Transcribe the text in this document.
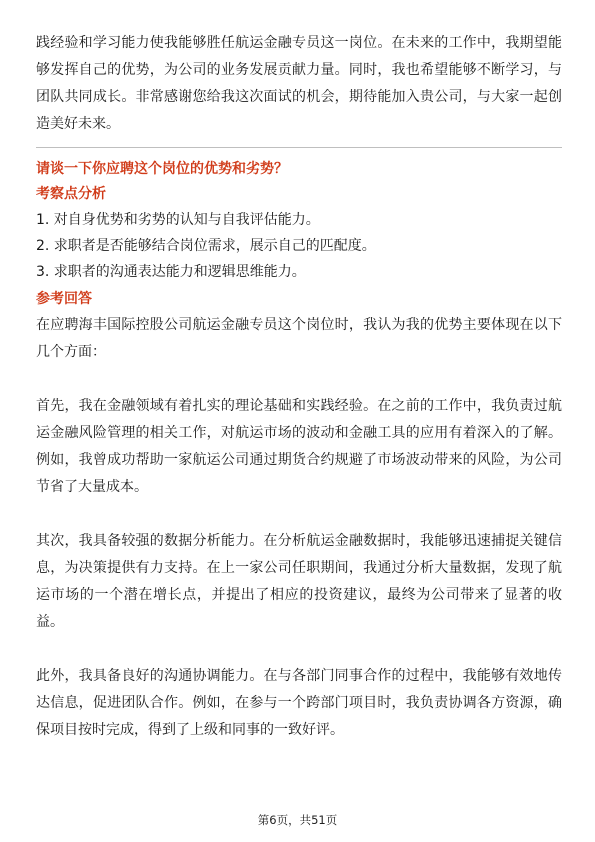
践经验和学习能力使我能够胜任航运金融专员这一岗位。在未来的工作中，我期望能够发挥自己的优势，为公司的业务发展贡献力量。同时，我也希望能够不断学习，与团队共同成长。非常感谢您给我这次面试的机会，期待能加入贵公司，与大家一起创造美好未来。

请谈一下你应聘这个岗位的优势和劣势？

考察点分析

1. 对自身优势和劣势的认知与自我评估能力。

2. 求职者是否能够结合岗位需求，展示自己的匹配度。

3. 求职者的沟通表达能力和逻辑思维能力。

参考回答

在应聘海丰国际控股公司航运金融专员这个岗位时，我认为我的优势主要体现在以下几个方面：

首先，我在金融领域有着扎实的理论基础和实践经验。在之前的工作中，我负责过航运金融风险管理的相关工作，对航运市场的波动和金融工具的应用有着深入的了解。例如，我曾成功帮助一家航运公司通过期货合约规避了市场波动带来的风险，为公司节省了大量成本。

其次，我具备较强的数据分析能力。在分析航运金融数据时，我能够迅速捕捉关键信息，为决策提供有力支持。在上一家公司任职期间，我通过分析大量数据，发现了航运市场的一个潜在增长点，并提出了相应的投资建议，最终为公司带来了显著的收益。

此外，我具备良好的沟通协调能力。在与各部门同事合作的过程中，我能够有效地传达信息，促进团队合作。例如，在参与一个跨部门项目时，我负责协调各方资源，确保项目按时完成，得到了上级和同事的一致好评。

第6页，共51页
